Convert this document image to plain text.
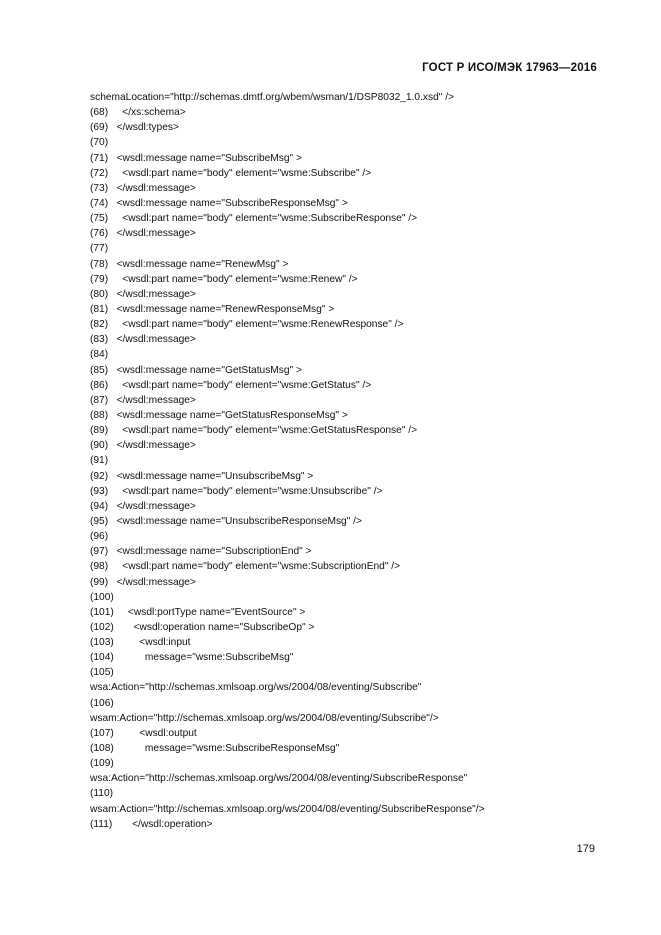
ГОСТ Р ИСО/МЭК 17963—2016
schemaLocation="http://schemas.dmtf.org/wbem/wsman/1/DSP8032_1.0.xsd" />
(68)     </xs:schema>
(69)   </wsdl:types>
(70)
(71)   <wsdl:message name="SubscribeMsg" >
(72)     <wsdl:part name="body" element="wsme:Subscribe" />
(73)   </wsdl:message>
(74)   <wsdl:message name="SubscribeResponseMsg" >
(75)     <wsdl:part name="body" element="wsme:SubscribeResponse" />
(76)   </wsdl:message>
(77)
(78)   <wsdl:message name="RenewMsg" >
(79)     <wsdl:part name="body" element="wsme:Renew" />
(80)   </wsdl:message>
(81)   <wsdl:message name="RenewResponseMsg" >
(82)     <wsdl:part name="body" element="wsme:RenewResponse" />
(83)   </wsdl:message>
(84)
(85)   <wsdl:message name="GetStatusMsg" >
(86)     <wsdl:part name="body" element="wsme:GetStatus" />
(87)   </wsdl:message>
(88)   <wsdl:message name="GetStatusResponseMsg" >
(89)     <wsdl:part name="body" element="wsme:GetStatusResponse" />
(90)   </wsdl:message>
(91)
(92)   <wsdl:message name="UnsubscribeMsg" >
(93)     <wsdl:part name="body" element="wsme:Unsubscribe" />
(94)   </wsdl:message>
(95)   <wsdl:message name="UnsubscribeResponseMsg" />
(96)
(97)   <wsdl:message name="SubscriptionEnd" >
(98)     <wsdl:part name="body" element="wsme:SubscriptionEnd" />
(99)   </wsdl:message>
(100)
(101)     <wsdl:portType name="EventSource" >
(102)       <wsdl:operation name="SubscribeOp" >
(103)         <wsdl:input
(104)           message="wsme:SubscribeMsg"
(105)
wsa:Action="http://schemas.xmlsoap.org/ws/2004/08/eventing/Subscribe"
(106)
wsam:Action="http://schemas.xmlsoap.org/ws/2004/08/eventing/Subscribe"/>
(107)         <wsdl:output
(108)           message="wsme:SubscribeResponseMsg"
(109)
wsa:Action="http://schemas.xmlsoap.org/ws/2004/08/eventing/SubscribeResponse"
(110)
wsam:Action="http://schemas.xmlsoap.org/ws/2004/08/eventing/SubscribeResponse"/>
(111)       </wsdl:operation>
179
